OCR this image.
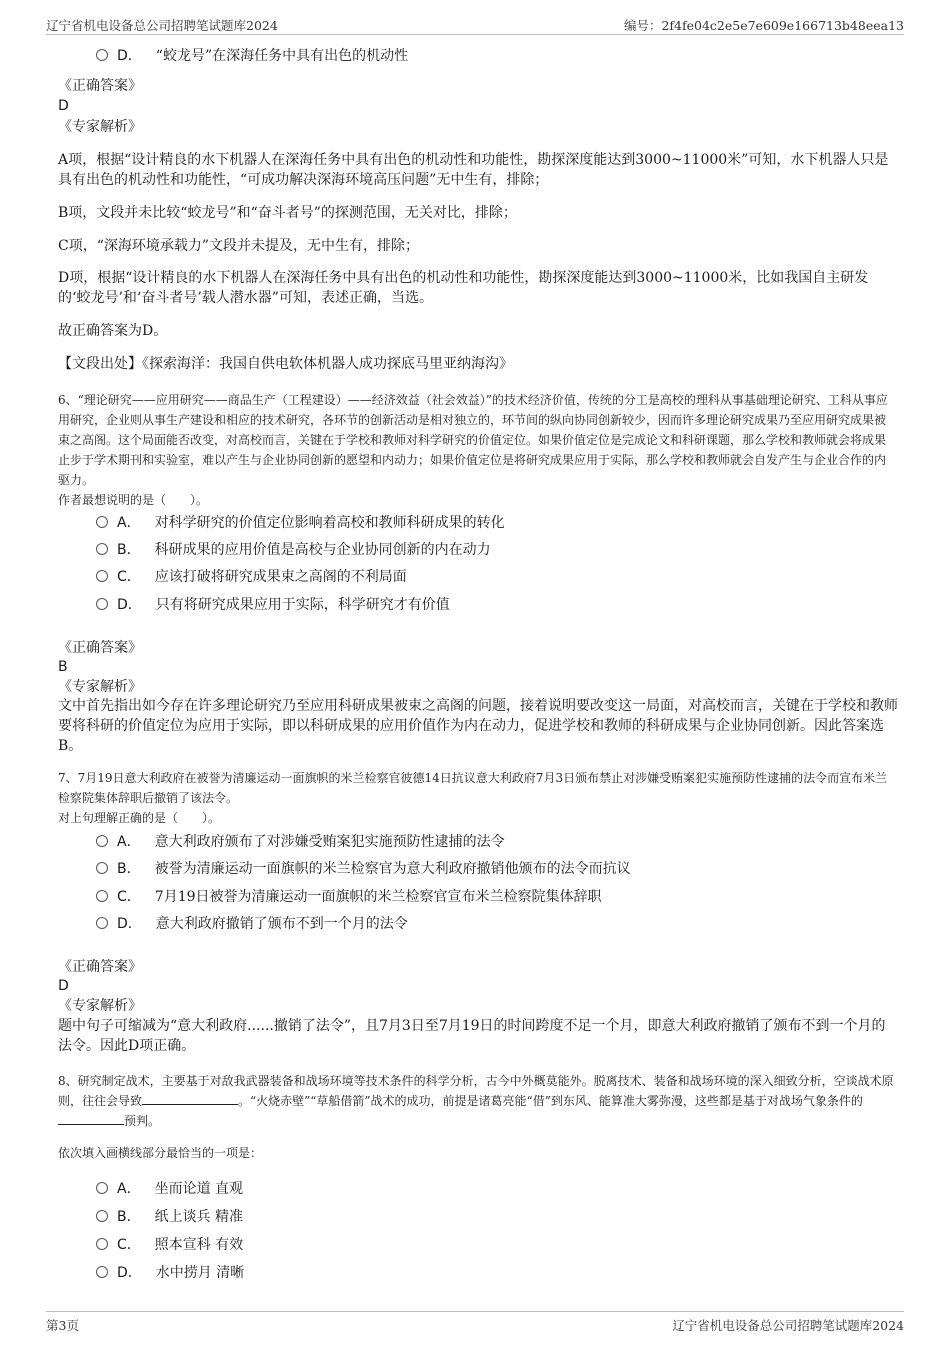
辽宁省机电设备总公司招聘笔试题库2024	编号：2f4fe04c2e5e7e609e166713b48eea13
D． “蛟龙号”在深海任务中具有出色的机动性
《正确答案》
D
《专家解析》
A项，根据“设计精良的水下机器人在深海任务中具有出色的机动性和功能性，勘探深度能达到3000~11000米”可知，水下机器人只是具有出色的机动性和功能性，“可成功解决深海环境高压问题”无中生有，排除；
B项，文段并未比较“蛟龙号”和“奋斗者号”的探测范围，无关对比，排除；
C项，“深海环境承载力”文段并未提及，无中生有，排除；
D项，根据“设计精良的水下机器人在深海任务中具有出色的机动性和功能性，勘探深度能达到3000~11000米，比如我国自主研发的‘蛟龙号’和‘奋斗者号’载人潜水器”可知，表述正确，当选。
故正确答案为D。
【文段出处】《探索海洋：我国自供电软体机器人成功探底马里亚纳海沟》
6、“理论研究——应用研究——商品生产（工程建设）——经济效益（社会效益）”的技术经济价值，传统的分工是高校的理科从事基础理论研究、工科从事应用研究，企业则从事生产建设和相应的技术研究，各环节的创新活动是相对独立的，环节间的纵向协同创新较少，因而许多理论研究成果乃至应用研究成果被束之高阁。这个局面能否改变，对高校而言，关键在于学校和教师对科学研究的价值定位。如果价值定位是完成论文和科研课题，那么学校和教师就会将成果止步于学术期刊和实验室，难以产生与企业协同创新的愿望和内动力；如果价值定位是将研究成果应用于实际，那么学校和教师就会自发产生与企业合作的内驱力。
作者最想说明的是（　　）。
A． 对科学研究的价值定位影响着高校和教师科研成果的转化
B． 科研成果的应用价值是高校与企业协同创新的内在动力
C． 应该打破将研究成果束之高阁的不利局面
D． 只有将研究成果应用于实际，科学研究才有价值
《正确答案》
B
《专家解析》
文中首先指出如今存在许多理论研究乃至应用科研成果被束之高阁的问题，接着说明要改变这一局面，对高校而言，关键在于学校和教师要将科研的价值定位为应用于实际，即以科研成果的应用价值作为内在动力，促进学校和教师的科研成果与企业协同创新。因此答案选B。
7、7月19日意大利政府在被誉为清廉运动一面旗帜的米兰检察官彼德14日抗议意大利政府7月3日颁布禁止对涉嫌受贿案犯实施预防性逮捕的法令而宣布米兰检察院集体辞职后撤销了该法令。
对上句理解正确的是（　　）。
A． 意大利政府颁布了对涉嫌受贿案犯实施预防性逮捕的法令
B． 被誉为清廉运动一面旗帜的米兰检察官为意大利政府撤销他颁布的法令而抗议
C． 7月19日被誉为清廉运动一面旗帜的米兰检察官宣布米兰检察院集体辞职
D． 意大利政府撤销了颁布不到一个月的法令
《正确答案》
D
《专家解析》
题中句子可缩减为“意大利政府......撤销了法令”，且7月3日至7月19日的时间跨度不足一个月，即意大利政府撤销了颁布不到一个月的法令。因此D项正确。
8、研究制定战术，主要基于对敌我武器装备和战场环境等技术条件的科学分析，古今中外概莫能外。脱离技术、装备和战场环境的深入细致分析，空谈战术原则，往往会导致	。“火烧赤壁”“草船借箭”战术的成功，前提是诸葛亮能“借”到东风、能算准大雾弥漫，这些都是基于对战场气象条件的预判。
依次填入画横线部分最恰当的一项是：
A． 坐而论道 直观
B． 纸上谈兵 精准
C． 照本宣科 有效
D． 水中捞月 清晰
第3页	辽宁省机电设备总公司招聘笔试题库2024
